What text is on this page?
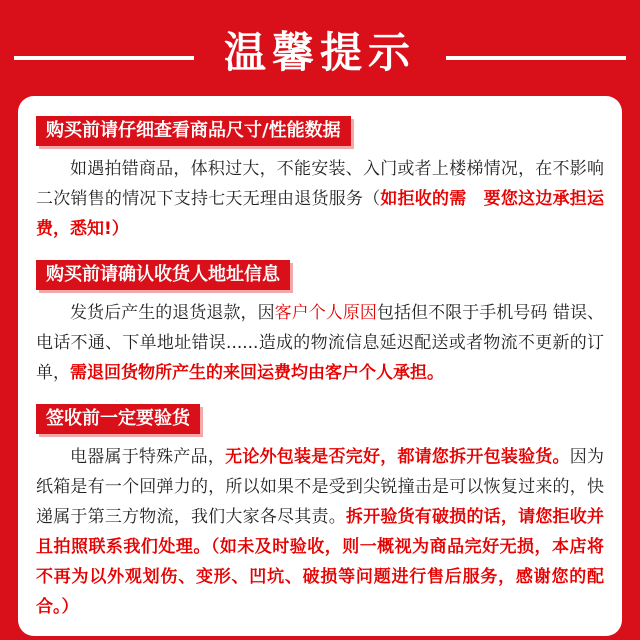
温馨提示
购买前请仔细查看商品尺寸/性能数据
如遇拍错商品，体积过大，不能安装、入门或者上楼梯情况，在不影响二次销售的情况下支持七天无理由退货服务（如拒收的需　要您这边承担运费，悉知!）
购买前请确认收货人地址信息
发货后产生的退货退款，因客户个人原因包括但不限于手机号码 错误、电话不通、下单地址错误......造成的物流信息延迟配送或者物流不更新的订单，需退回货物所产生的来回运费均由客户个人承担。
签收前一定要验货
电器属于特殊产品，无论外包装是否完好，都请您拆开包装验货。因为纸箱是有一个回弹力的，所以如果不是受到尖锐撞击是可以恢复过来的，快递属于第三方物流，我们大家各尽其责。拆开验货有破损的话，请您拒收并且拍照联系我们处理。（如未及时验收，则一概视为商品完好无损，本店将不再为以外观划伤、变形、凹坑、破损等问题进行售后服务，感谢您的配合。）
